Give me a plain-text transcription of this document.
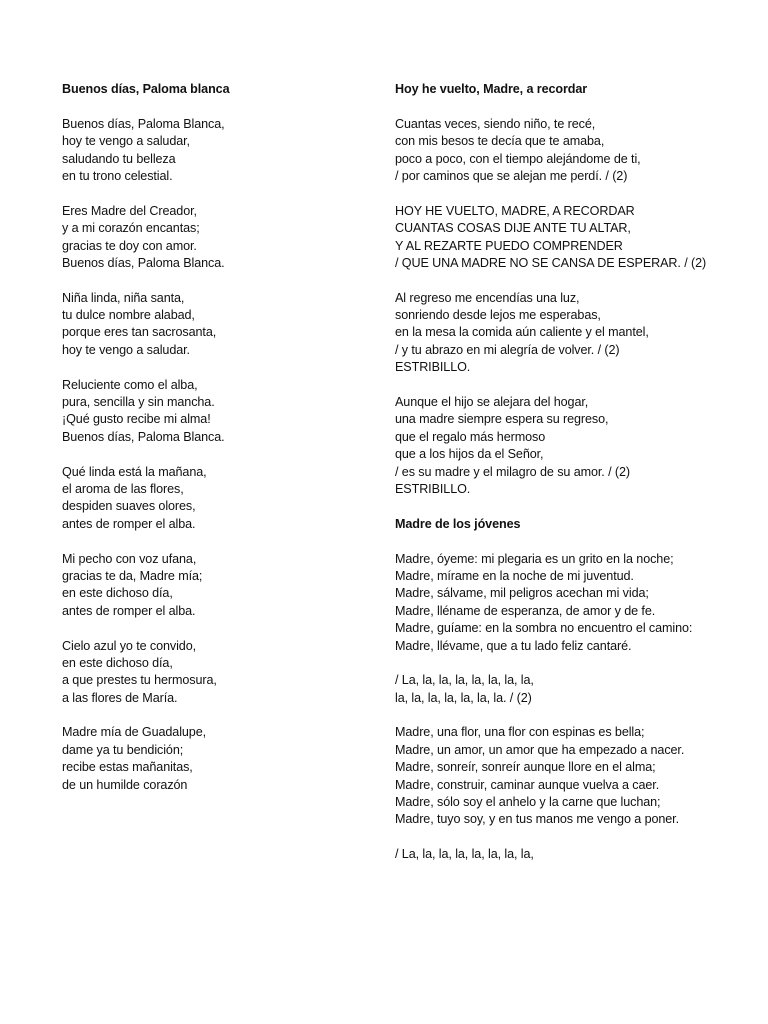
Buenos días, Paloma blanca
Buenos días, Paloma Blanca,
hoy te vengo a saludar,
saludando tu belleza
en tu trono celestial.
Eres Madre del Creador,
y a mi corazón encantas;
gracias te doy con amor.
Buenos días, Paloma Blanca.
Niña linda, niña santa,
tu dulce nombre alabad,
porque eres tan sacrosanta,
hoy te vengo a saludar.
Reluciente como el alba,
pura, sencilla y sin mancha.
¡Qué gusto recibe mi alma!
Buenos días, Paloma Blanca.
Qué linda está la mañana,
el aroma de las flores,
despiden suaves olores,
antes de romper el alba.
Mi pecho con voz ufana,
gracias te da, Madre mía;
en este dichoso día,
antes de romper el alba.
Cielo azul yo te convido,
en este dichoso día,
a que prestes tu hermosura,
a las flores de María.
Madre mía de Guadalupe,
dame ya tu bendición;
recibe estas mañanitas,
de un humilde corazón
Hoy he vuelto, Madre, a recordar
Cuantas veces, siendo niño, te recé,
con mis besos te decía que te amaba,
poco a poco, con el tiempo alejándome de ti,
/ por caminos que se alejan me perdí. / (2)
HOY HE VUELTO, MADRE, A RECORDAR
CUANTAS COSAS DIJE ANTE TU ALTAR,
Y AL REZARTE PUEDO COMPRENDER
/ QUE UNA MADRE NO SE CANSA DE ESPERAR. / (2)
Al regreso me encendías una luz,
sonriendo desde lejos me esperabas,
en la mesa la comida aún caliente y el mantel,
/ y tu abrazo en mi alegría de volver. / (2)
ESTRIBILLO.
Aunque el hijo se alejara del hogar,
una madre siempre espera su regreso,
que el regalo más hermoso
que a los hijos da el Señor,
/ es su madre y el milagro de su amor. / (2)
ESTRIBILLO.
Madre de los jóvenes
Madre, óyeme: mi plegaria es un grito en la noche;
Madre, mírame en la noche de mi juventud.
Madre, sálvame, mil peligros acechan mi vida;
Madre, lléname de esperanza, de amor y de fe.
Madre, guíame: en la sombra no encuentro el camino:
Madre, llévame, que a tu lado feliz cantaré.
/ La, la, la, la, la, la, la, la,
la, la, la, la, la, la, la. / (2)
Madre, una flor, una flor con espinas es bella;
Madre, un amor, un amor que ha empezado a nacer.
Madre, sonreír, sonreír aunque llore en el alma;
Madre, construir, caminar aunque vuelva a caer.
Madre, sólo soy el anhelo y la carne que luchan;
Madre, tuyo soy, y en tus manos me vengo a poner.
/ La, la, la, la, la, la, la, la,
